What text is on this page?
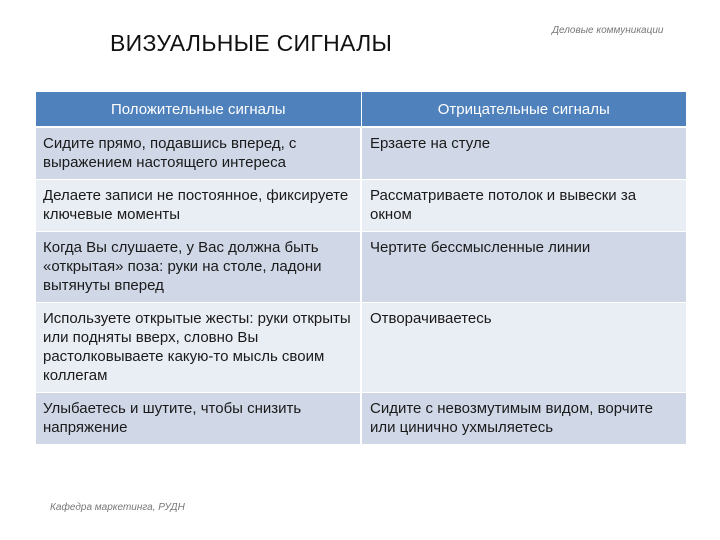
ВИЗУАЛЬНЫЕ СИГНАЛЫ	Деловые коммуникации
Положительные сигналы	Отрицательные сигналы
Сидите прямо, подавшись вперед, с выражением настоящего интереса	Ерзаете на стуле
Делаете записи не постоянное, фиксируете ключевые моменты	Рассматриваете потолок и вывески за окном
Когда Вы слушаете, у Вас должна быть «открытая» поза: руки на столе, ладони вытянуты вперед	Чертите бессмысленные линии
Используете открытые жесты: руки открыты или подняты вверх, словно Вы растолковываете какую-то мысль своим коллегам	Отворачиваетесь
Улыбаетесь и шутите, чтобы снизить напряжение	Сидите с невозмутимым видом, ворчите или цинично ухмыляетесь
Кафедра маркетинга, РУДН
